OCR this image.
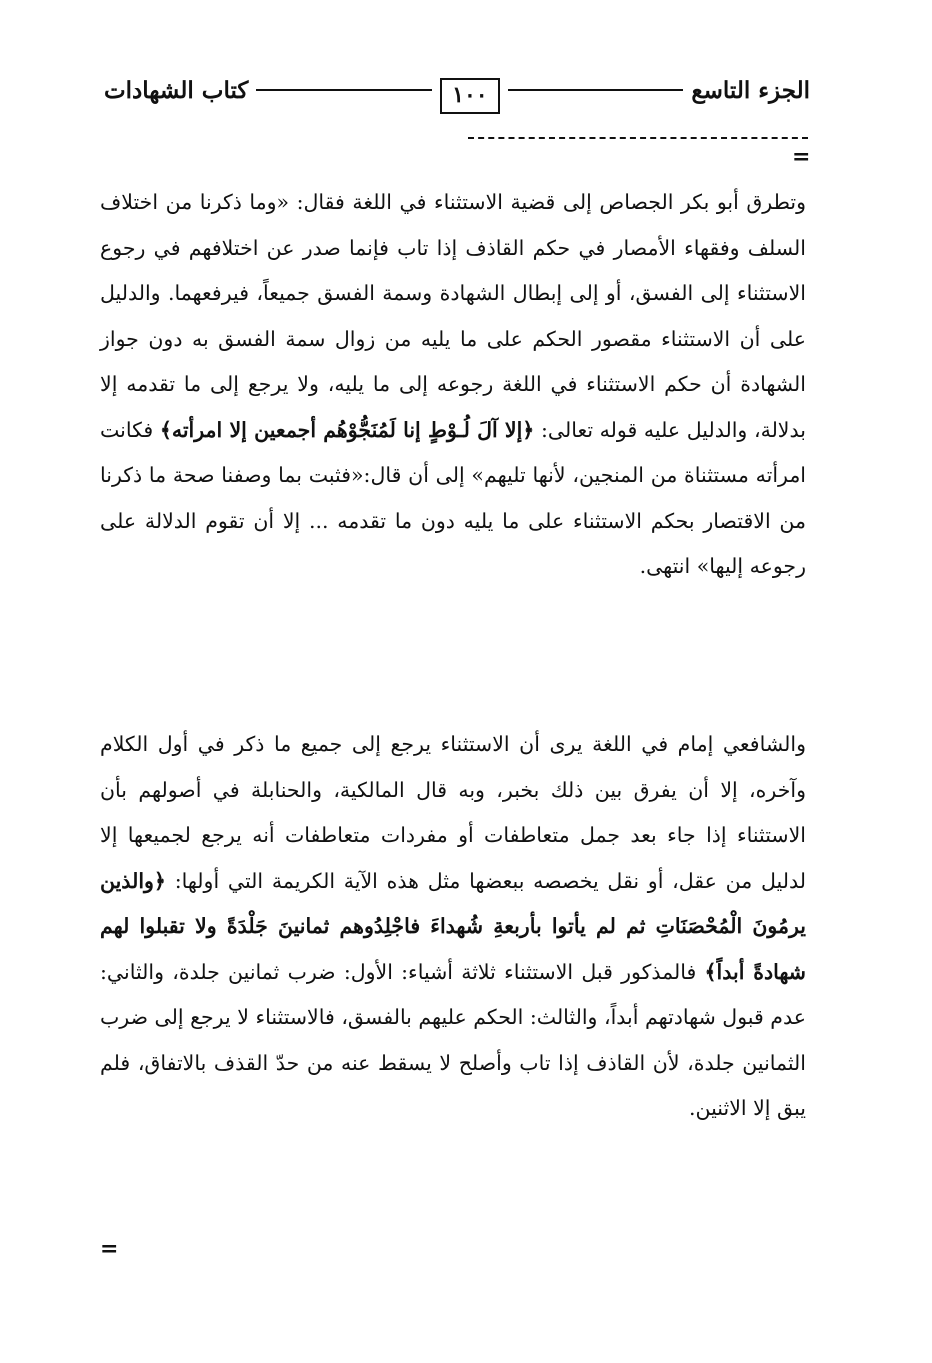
الجزء التاسع
١٠٠
كتاب الشهادات
=
وتطرق أبو بكر الجصاص إلى قضية الاستثناء في اللغة فقال: «وما ذكرنا من اختلاف السلف وفقهاء الأمصار في حكم القاذف إذا تاب فإنما صدر عن اختلافهم في رجوع الاستثناء إلى الفسق، أو إلى إبطال الشهادة وسمة الفسق جميعاً، فيرفعهما. والدليل على أن الاستثناء مقصور الحكم على ما يليه من زوال سمة الفسق به دون جواز الشهادة أن حكم الاستثناء في اللغة رجوعه إلى ما يليه، ولا يرجع إلى ما تقدمه إلا بدلالة، والدليل عليه قوله تعالى: ﴿إلا آلَ لُـوْطٍ إنا لَمُنَجُّوْهُم أجمعين إلا امرأته﴾ فكانت امرأته مستثناة من المنجين، لأنها تليهم» إلى أن قال:«فثبت بما وصفنا صحة ما ذكرنا من الاقتصار بحكم الاستثناء على ما يليه دون ما تقدمه ... إلا أن تقوم الدلالة على رجوعه إليها» انتهى.
والشافعي إمام في اللغة يرى أن الاستثناء يرجع إلى جميع ما ذكر في أول الكلام وآخره، إلا أن يفرق بين ذلك بخبر، وبه قال المالكية، والحنابلة في أصولهم بأن الاستثناء إذا جاء بعد جمل متعاطفات أو مفردات متعاطفات أنه يرجع لجميعها إلا لدليل من عقل، أو نقل يخصصه ببعضها مثل هذه الآية الكريمة التي أولها: ﴿والذين يرمُونَ الْمُحْصَنَاتِ ثم لم يأتوا بأربعةِ شُهداءَ فاجْلِدُوهم ثمانينَ جَلْدَةً ولا تقبلوا لهم شهادةً أبداً﴾ فالمذكور قبل الاستثناء ثلاثة أشياء: الأول: ضرب ثمانين جلدة، والثاني: عدم قبول شهادتهم أبداً، والثالث: الحكم عليهم بالفسق، فالاستثناء لا يرجع إلى ضرب الثمانين جلدة، لأن القاذف إذا تاب وأصلح لا يسقط عنه من حدّ القذف بالاتفاق، فلم يبق إلا الاثنين.
=
